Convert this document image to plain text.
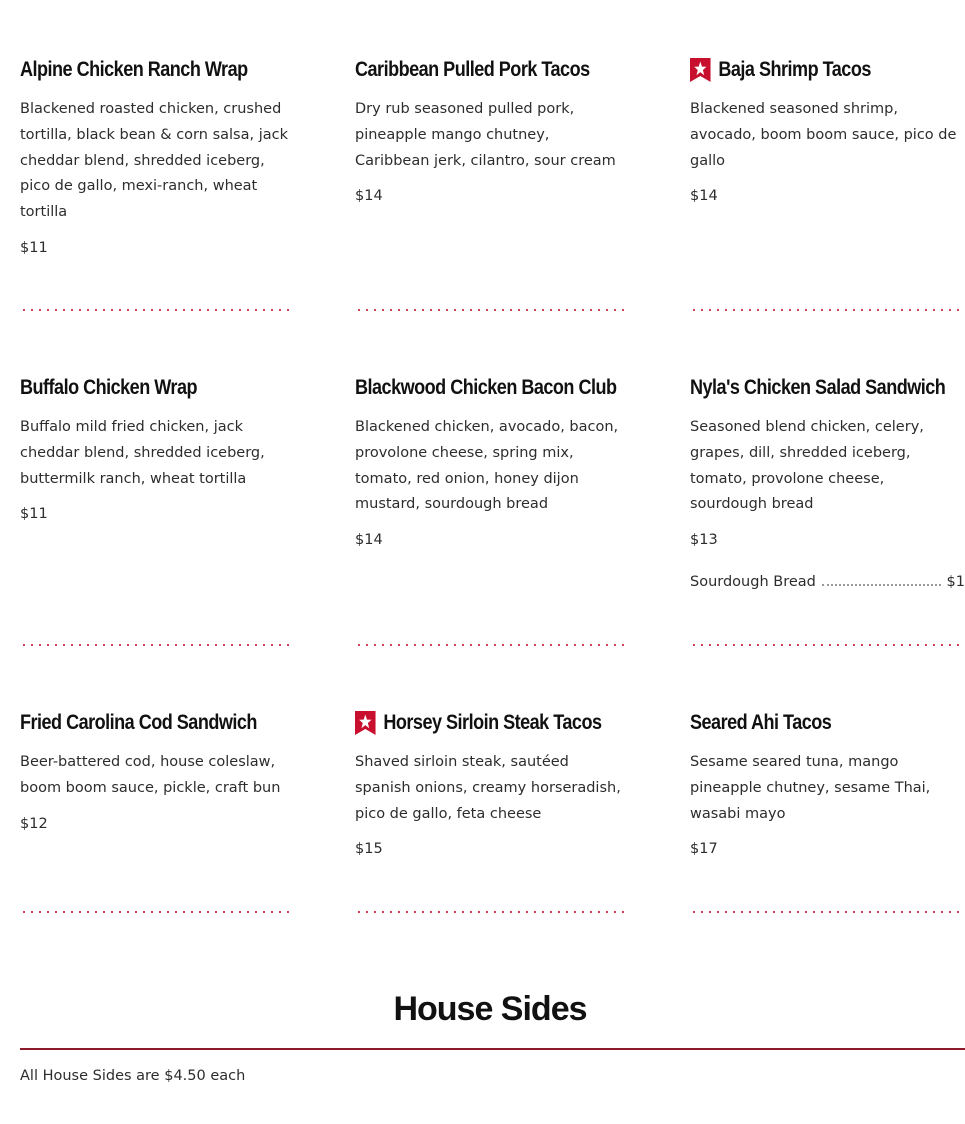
Alpine Chicken Ranch Wrap

Blackened roasted chicken, crushed tortilla, black bean & corn salsa, jack cheddar blend, shredded iceberg, pico de gallo, mexi-ranch, wheat tortilla

$11
Caribbean Pulled Pork Tacos

Dry rub seasoned pulled pork, pineapple mango chutney, Caribbean jerk, cilantro, sour cream

$14
Baja Shrimp Tacos

Blackened seasoned shrimp, avocado, boom boom sauce, pico de gallo

$14
Buffalo Chicken Wrap

Buffalo mild fried chicken, jack cheddar blend, shredded iceberg, buttermilk ranch, wheat tortilla

$11
Blackwood Chicken Bacon Club

Blackened chicken, avocado, bacon, provolone cheese, spring mix, tomato, red onion, honey dijon mustard, sourdough bread

$14
Nyla's Chicken Salad Sandwich

Seasoned blend chicken, celery, grapes, dill, shredded iceberg, tomato, provolone cheese, sourdough bread

$13
Sourdough Bread	$1
Fried Carolina Cod Sandwich

Beer-battered cod, house coleslaw, boom boom sauce, pickle, craft bun

$12
Horsey Sirloin Steak Tacos

Shaved sirloin steak, sautéed spanish onions, creamy horseradish, pico de gallo, feta cheese

$15
Seared Ahi Tacos

Sesame seared tuna, mango pineapple chutney, sesame Thai, wasabi mayo

$17
House Sides
All House Sides are $4.50 each
